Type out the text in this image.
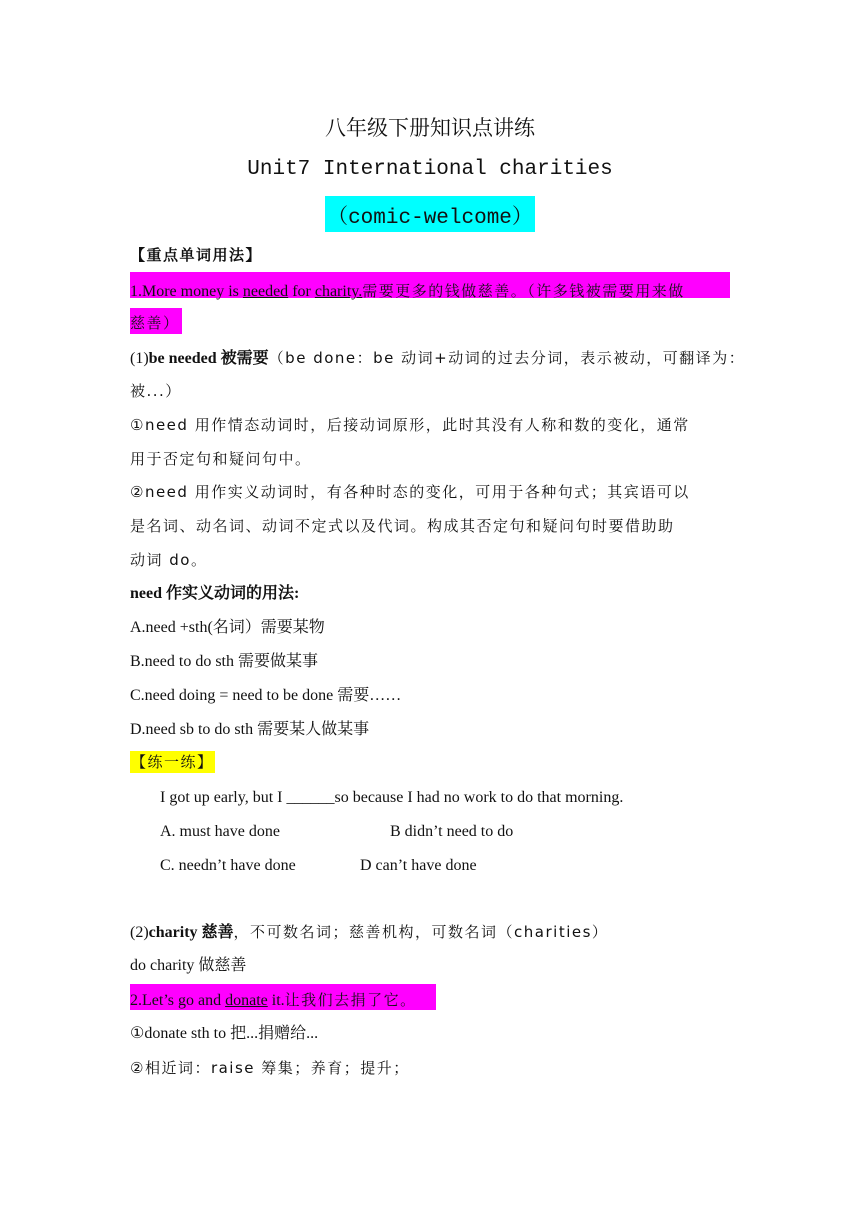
八年级下册知识点讲练
Unit7 International charities
（comic-welcome）
【重点单词用法】
1.More money is needed for charity.需要更多的钱做慈善。（许多钱被需要用来做
慈善）
(1)be needed 被需要（be done：be 动词+动词的过去分词，表示被动，可翻译为：
被...）
①need 用作情态动词时，后接动词原形，此时其没有人称和数的变化，通常
用于否定句和疑问句中。
②need 用作实义动词时，有各种时态的变化，可用于各种句式；其宾语可以
是名词、动名词、动词不定式以及代词。构成其否定句和疑问句时要借助助
动词 do。
need 作实义动词的用法:
A.need +sth(名词）需要某物
B.need to do sth 需要做某事
C.need doing = need to be done 需要……
D.need sb to do sth 需要某人做某事
【练一练】
I got up early, but I ______so because I had no work to do that morning.
A. must have done	B didn’t need to do
C. needn’t have done	D can’t have done
(2)charity 慈善，不可数名词；慈善机构，可数名词（charities）
do charity 做慈善
2.Let’s go and donate it.让我们去捐了它。
①donate sth to 把...捐赠给...
②相近词：raise 筹集；养育；提升；
